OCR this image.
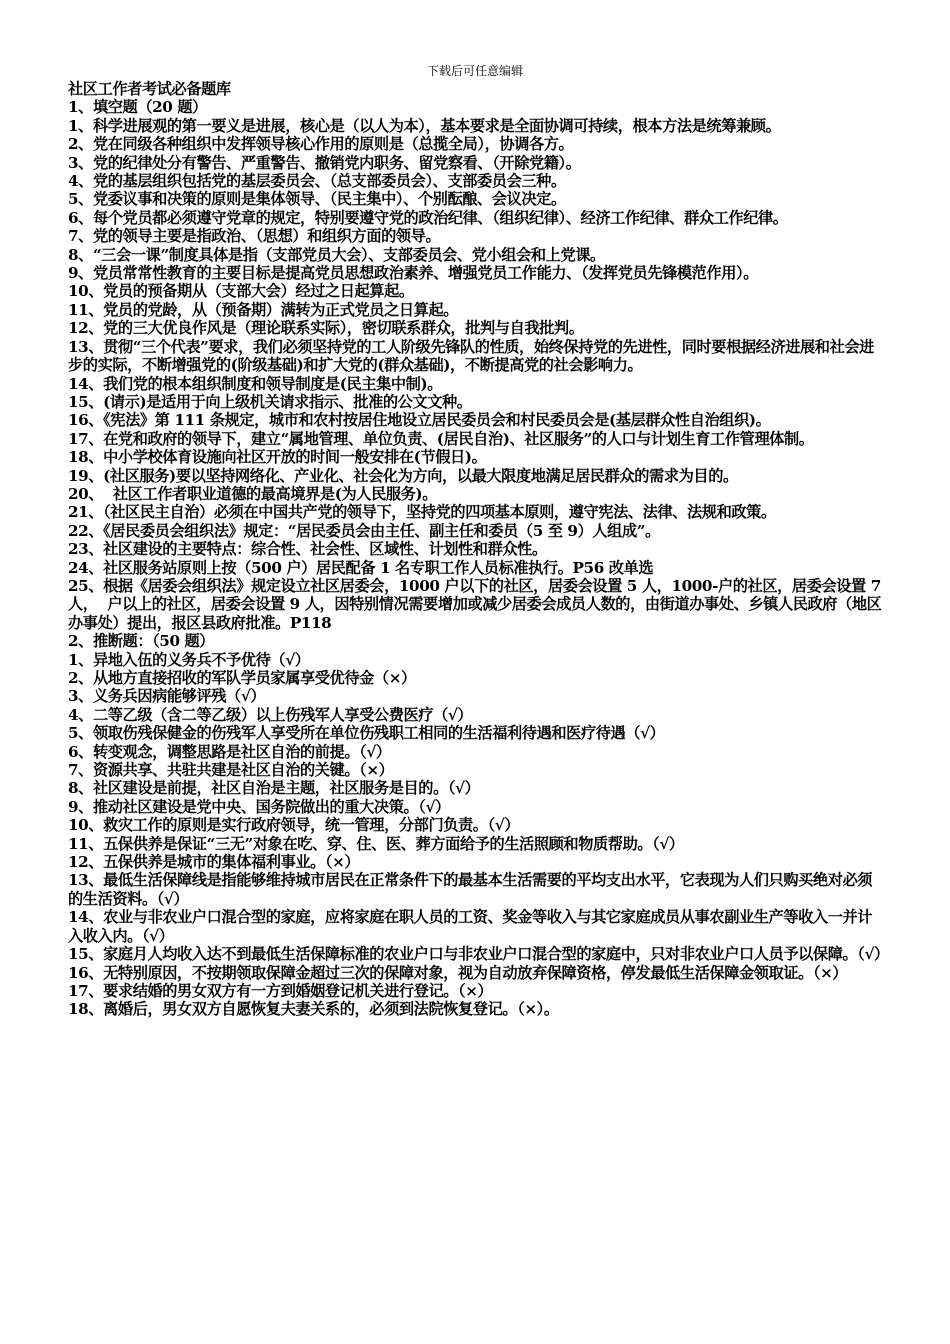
下载后可任意编辑
社区工作者考试必备题库
1、填空题（20 题）
1、科学进展观的第一要义是进展，核心是（以人为本），基本要求是全面协调可持续，根本方法是统筹兼顾。
2、党在同级各种组织中发挥领导核心作用的原则是（总揽全局），协调各方。
3、党的纪律处分有警告、严重警告、撤销党内职务、留党察看、（开除党籍）。
4、党的基层组织包括党的基层委员会、（总支部委员会）、支部委员会三种。
5、党委议事和决策的原则是集体领导、（民主集中）、个别酝酿、会议决定。
6、每个党员都必须遵守党章的规定，特别要遵守党的政治纪律、（组织纪律）、经济工作纪律、群众工作纪律。
7、党的领导主要是指政治、（思想）和组织方面的领导。
8、“三会一课”制度具体是指（支部党员大会）、支部委员会、党小组会和上党课。
9、党员常常性教育的主要目标是提高党员思想政治素养、增强党员工作能力、（发挥党员先锋模范作用）。
10、党员的预备期从（支部大会）经过之日起算起。
11、党员的党龄，从（预备期）满转为正式党员之日算起。
12、党的三大优良作风是（理论联系实际），密切联系群众，批判与自我批判。
13、贯彻“三个代表”要求，我们必须坚持党的工人阶级先锋队的性质，始终保持党的先进性，同时要根据经济进展和社会进步的实际，不断增强党的(阶级基础)和扩大党的(群众基础)，不断提高党的社会影响力。
14、我们党的根本组织制度和领导制度是(民主集中制)。
15、(请示)是适用于向上级机关请求指示、批准的公文文种。
16、《宪法》第 111 条规定，城市和农村按居住地设立居民委员会和村民委员会是(基层群众性自治组织)。
17、在党和政府的领导下，建立“属地管理、单位负责、(居民自治)、社区服务”的人口与计划生育工作管理体制。
18、中小学校体育设施向社区开放的时间一般安排在(节假日)。
19、(社区服务)要以坚持网络化、产业化、社会化为方向，以最大限度地满足居民群众的需求为目的。
20、  社区工作者职业道德的最高境界是(为人民服务)。
21、（社区民主自治）必须在中国共产党的领导下，坚持党的四项基本原则，遵守宪法、法律、法规和政策。
22、《居民委员会组织法》规定：“居民委员会由主任、副主任和委员（5 至 9）人组成”。
23、社区建设的主要特点：综合性、社会性、区域性、计划性和群众性。
24、社区服务站原则上按（500 户）居民配备 1 名专职工作人员标准执行。P56 改单选
25、根据《居委会组织法》规定设立社区居委会，1000 户以下的社区，居委会设置 5 人，1000-户的社区，居委会设置 7 人，  户以上的社区，居委会设置 9 人，因特别情况需要增加或减少居委会成员人数的，由街道办事处、乡镇人民政府（地区办事处）提出，报区县政府批准。P118
2、推断题：（50 题）
1、异地入伍的义务兵不予优待（√）
2、从地方直接招收的军队学员家属享受优待金（×）
3、义务兵因病能够评残（√）
4、二等乙级（含二等乙级）以上伤残军人享受公费医疗（√）
5、领取伤残保健金的伤残军人享受所在单位伤残职工相同的生活福利待遇和医疗待遇（√）
6、转变观念，调整思路是社区自治的前提。（√）
7、资源共享、共驻共建是社区自治的关键。（×）
8、社区建设是前提，社区自治是主题，社区服务是目的。（√）
9、推动社区建设是党中央、国务院做出的重大决策。（√）
10、救灾工作的原则是实行政府领导，统一管理，分部门负责。（√）
11、五保供养是保证“三无”对象在吃、穿、住、医、葬方面给予的生活照顾和物质帮助。（√）
12、五保供养是城市的集体福利事业。（×）
13、最低生活保障线是指能够维持城市居民在正常条件下的最基本生活需要的平均支出水平，它表现为人们只购买绝对必须的生活资料。（√）
14、农业与非农业户口混合型的家庭，应将家庭在职人员的工资、奖金等收入与其它家庭成员从事农副业生产等收入一并计入收入内。（√）
15、家庭月人均收入达不到最低生活保障标准的农业户口与非农业户口混合型的家庭中，只对非农业户口人员予以保障。（√）
16、无特别原因，不按期领取保障金超过三次的保障对象，视为自动放弃保障资格，停发最低生活保障金领取证。（×）
17、要求结婚的男女双方有一方到婚姻登记机关进行登记。（×）
18、离婚后，男女双方自愿恢复夫妻关系的，必须到法院恢复登记。（×）。
